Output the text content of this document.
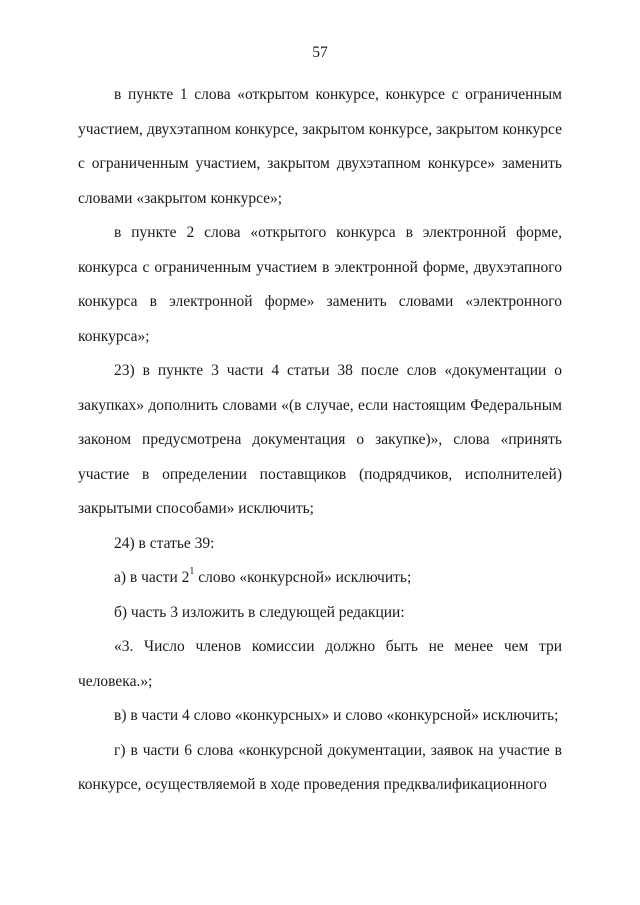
57

в пункте 1 слова «открытом конкурсе, конкурсе с ограниченным участием, двухэтапном конкурсе, закрытом конкурсе, закрытом конкурсе с ограниченным участием, закрытом двухэтапном конкурсе» заменить словами «закрытом конкурсе»;

в пункте 2 слова «открытого конкурса в электронной форме, конкурса с ограниченным участием в электронной форме, двухэтапного конкурса в электронной форме» заменить словами «электронного конкурса»;

23) в пункте 3 части 4 статьи 38 после слов «документации о закупках» дополнить словами «(в случае, если настоящим Федеральным законом предусмотрена документация о закупке)», слова «принять участие в определении поставщиков (подрядчиков, исполнителей) закрытыми способами» исключить;

24) в статье 39:

а) в части $2^1$ слово «конкурсной» исключить;

б) часть 3 изложить в следующей редакции:

«3. Число членов комиссии должно быть не менее чем три человека.»;

в) в части 4 слово «конкурсных» и слово «конкурсной» исключить;

г) в части 6 слова «конкурсной документации, заявок на участие в конкурсе, осуществляемой в ходе проведения предквалификационного
